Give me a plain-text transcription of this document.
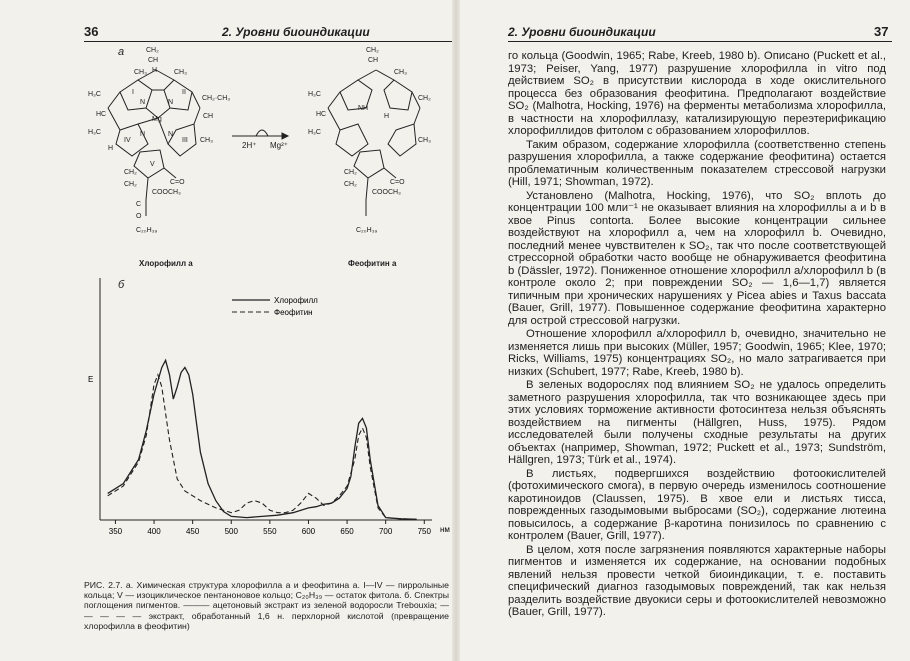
36	2. Уровни биоиндикации
а
б
CH₂
CH
CH₃	CH₃
H
H₃C
CH₂·CH₃
HC	CH
Mg
N	N
N	N
I	II
III
IV
V
H₃C
CH₃
H
CH₂
CH₂	C=O
COOCH₃
C
O
C₂₀H₃₉
CH₂
CH
CH₃
H₃C
CH₂
HC
NH
H
H₃C
CH₃
CH₂
CH₂	C=O
COOCH₃
C₂₀H₃₉
2H⁺ Mg²⁺
Хлорофилл a	Феофитин a
E
нм
350	400	450	500	550	600	650	700	750
Хлорофилл
Феофитин
РИС. 2.7. а. Химическая структура хлорофилла a и феофитина a. I—IV — пирролыные кольца; V — изоциклическое пентаноновое кольцо; C₂₀H₃₉ — остаток фитола. б. Спектры поглощения пигментов. ——— ацетоновый экстракт из зеленой водоросли Trebouxia; — — — — — экстракт, обработанный 1,6 н. перхлорной кислотой (превращение хлорофилла в феофитин)
2. Уровни биоиндикации	37

го кольца (Goodwin, 1965; Rabe, Kreeb, 1980 b). Описано (Puckett et al., 1973; Peiser, Yang, 1977) разрушение хлорофилла in vitro под действием SO₂ в присутствии кислорода в ходе окислительного процесса без образования феофитина. Предполагают воздействие SO₂ (Malhotra, Hocking, 1976) на ферменты метаболизма хлорофилла, в частности на хлорофиллазу, катализирующую переэтерификацию хлорофиллидов фитолом с образованием хлорофиллов.

Таким образом, содержание хлорофилла (соответственно степень разрушения хлорофилла, а также содержание феофитина) остается проблематичным количественным показателем стрессовой нагрузки (Hill, 1971; Showman, 1972).

Установлено (Malhotra, Hocking, 1976), что SO₂ вплоть до концентрации 100 мли⁻¹ не оказывает влияния на хлорофиллы a и b в хвое Pinus contorta. Более высокие концентрации сильнее воздействуют на хлорофилл a, чем на хлорофилл b. Очевидно, последний менее чувствителен к SO₂, так что после соответствующей стрессорной обработки часто вообще не обнаруживается феофитина b (Dässler, 1972). Пониженное отношение хлорофилл a/хлорофилл b (в контроле около 2; при повреждении SO₂ — 1,6—1,7) является типичным при хронических нарушениях у Picea abies и Taxus baccata (Bauer, Grill, 1977). Повышенное содержание феофитина характерно для острой стрессовой нагрузки.

Отношение хлорофилл a/хлорофилл b, очевидно, значительно не изменяется лишь при высоких (Müller, 1957; Goodwin, 1965; Klee, 1970; Ricks, Williams, 1975) концентрациях SO₂, но мало затрагивается при низких (Schubert, 1977; Rabe, Kreeb, 1980 b).

В зеленых водорослях под влиянием SO₂ не удалось определить заметного разрушения хлорофилла, так что возникающее здесь при этих условиях торможение активности фотосинтеза нельзя объяснять воздействием на пигменты (Hällgren, Huss, 1975). Рядом исследователей были получены сходные результаты на других объектах (например, Showman, 1972; Puckett et al., 1973; Sundström, Hällgren, 1973; Türk et al., 1974).

В листьях, подвергшихся воздействию фотоокислителей (фотохимического смога), в первую очередь изменилось соотношение каротиноидов (Claussen, 1975). В хвое ели и листьях тисса, поврежденных газодымовыми выбросами (SO₂), содержание лютеина повысилось, а содержание β-каротина понизилось по сравнению с контролем (Bauer, Grill, 1977).

В целом, хотя после загрязнения появляются характерные наборы пигментов и изменяется их содержание, на основании подобных явлений нельзя провести четкой биоиндикации, т. е. поставить специфический диагноз газодымовых повреждений, так как нельзя разделить воздействие двуокиси серы и фотоокислителей невозможно (Bauer, Grill, 1977).
